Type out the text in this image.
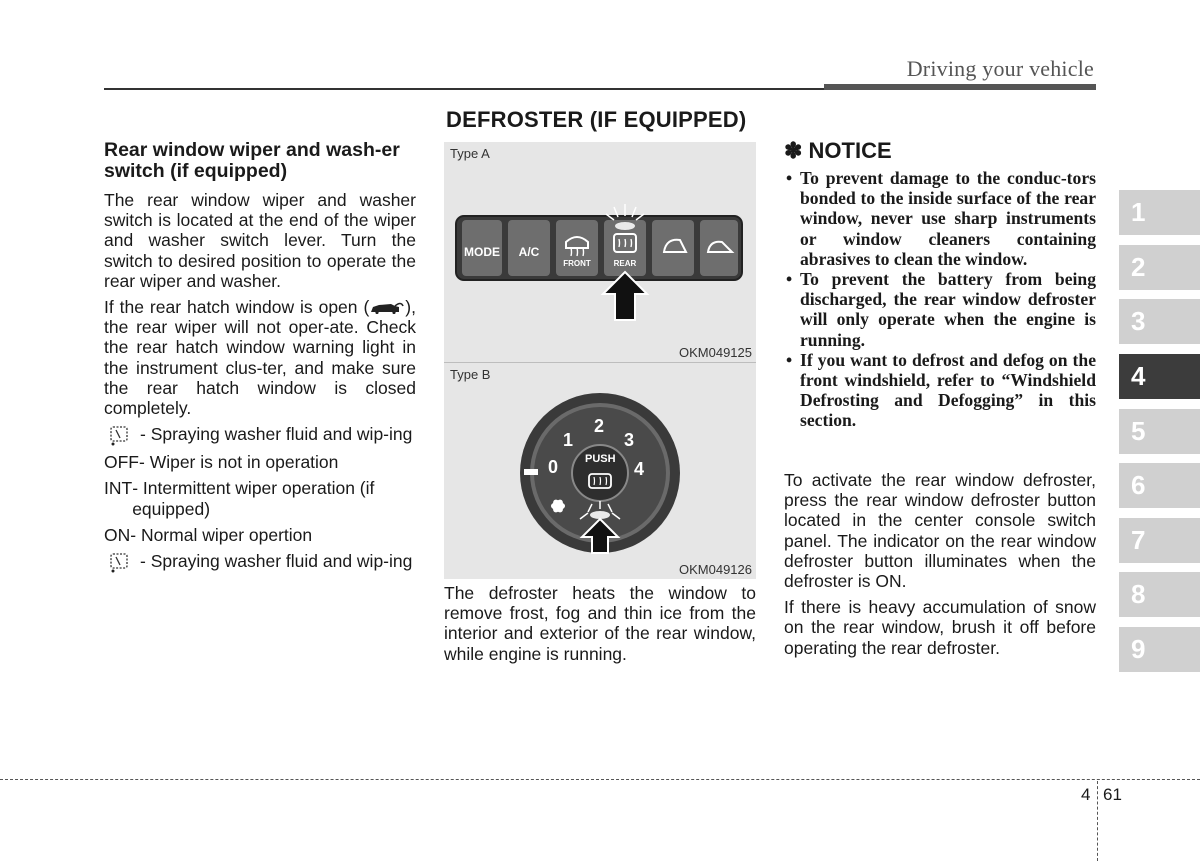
Driving your vehicle
Rear window wiper and wash-er switch (if equipped)

The rear window wiper and washer switch is located at the end of the wiper and washer switch lever. Turn the switch to desired position to operate the rear wiper and washer.

If the rear hatch window is open ( ), the rear wiper will not oper-ate. Check the rear hatch window warning light in the instrument clus-ter, and make sure the rear hatch window is closed completely.

- Spraying washer fluid and wip-ing
OFF - Wiper is not in operation
INT - Intermittent wiper operation (if equipped)
ON - Normal wiper opertion
- Spraying washer fluid and wip-ing
DEFROSTER (IF EQUIPPED)
Type A
MODE	A/C
FRONT	REAR
OKM049125
Type B
0
1
2
3
4
PUSH
OKM049126
The defroster heats the window to remove frost, fog and thin ice from the interior and exterior of the rear window, while engine is running.
✽ NOTICE
• To prevent damage to the conduc-tors bonded to the inside surface of the rear window, never use sharp instruments or window cleaners containing abrasives to clean the window.
• To prevent the battery from being discharged, the rear window defroster will only operate when the engine is running.
• If you want to defrost and defog on the front windshield, refer to “Windshield Defrosting and Defogging” in this section.

To activate the rear window defroster, press the rear window defroster button located in the center console switch panel. The indicator on the rear window defroster button illuminates when the defroster is ON.

If there is heavy accumulation of snow on the rear window, brush it off before operating the rear defroster.

1
2
3
4
5
6
7
8
9
4 61
